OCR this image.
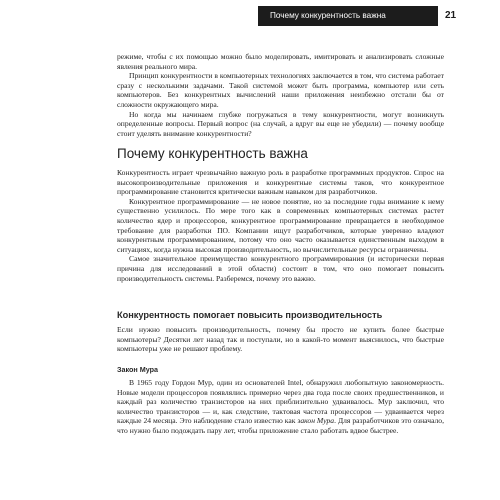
Почему конкурентность важна	21

режиме, чтобы с их помощью можно было моделировать, имитировать и анализировать сложные явления реального мира.

Принцип конкурентности в компьютерных технологиях заключается в том, что система работает сразу с несколькими задачами. Такой системой может быть программа, компьютер или сеть компьютеров. Без конкурентных вычислений наши приложения неизбежно отстали бы от сложности окружающего мира.

Но когда мы начинаем глубже погружаться в тему конкурентности, могут возникнуть определенные вопросы. Первый вопрос (на случай, а вдруг вы еще не убедили) — почему вообще стоит уделять внимание конкурентности?

Почему конкурентность важна

Конкурентность играет чрезвычайно важную роль в разработке программных продуктов. Спрос на высокопроизводительные приложения и конкурентные системы таков, что конкурентное программирование становится критически важным навыком для разработчиков.

Конкурентное программирование — не новое понятие, но за последние годы внимание к нему существенно усилилось. По мере того как в современных компьютерных системах растет количество ядер и процессоров, конкурентное программирование превращается в необходимое требование для разработки ПО. Компании ищут разработчиков, которые уверенно владеют конкурентным программированием, потому что оно часто оказывается единственным выходом в ситуациях, когда нужна высокая производительность, но вычислительные ресурсы ограничены.

Самое значительное преимущество конкурентного программирования (и исторически первая причина для исследований в этой области) состоит в том, что оно помогает повысить производительность системы. Разберемся, почему это важно.

Конкурентность помогает повысить производительность

Если нужно повысить производительность, почему бы просто не купить более быстрые компьютеры? Десятки лет назад так и поступали, но в какой-то момент выяснилось, что быстрые компьютеры уже не решают проблему.

Закон Мура

В 1965 году Гордон Мур, один из основателей Intel, обнаружил любопытную закономерность. Новые модели процессоров появлялись примерно через два года после своих предшественников, и каждый раз количество транзисторов на них приблизительно удваивалось. Мур заключил, что количество транзисторов — и, как следствие, тактовая частота процессоров — удваивается через каждые 24 месяца. Это наблюдение стало известно как закон Мура. Для разработчиков это означало, что нужно было подождать пару лет, чтобы приложение стало работать вдвое быстрее.
